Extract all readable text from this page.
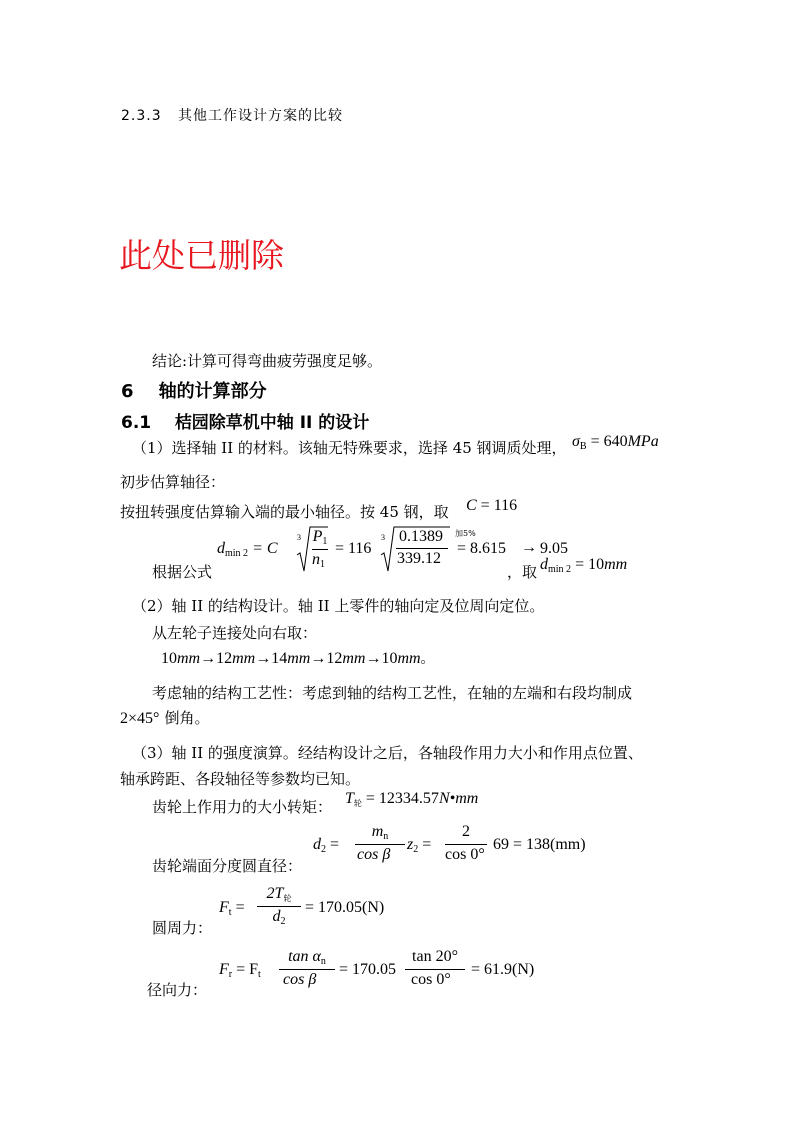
2.3.3 其他工作设计方案的比较
此处已删除
结论:计算可得弯曲疲劳强度足够。
6 轴的计算部分
6.1 桔园除草机中轴 II 的设计
（1）选择轴 II 的材料。该轴无特殊要求，选择 45 钢调质处理， $\sigma_B = 640MPa$
初步估算轴径：
按扭转强度估算输入端的最小轴径。按 45 钢，取 C = 116
根据公式
$d_{min 2} = C$
3 $P_1$
$n_1$
= 116
3 0.1389
339.12
= 8.615
加5%
→ 9.05
，取 $d_{min 2} = 10mm$
（2）轴 II 的结构设计。轴 II 上零件的轴向定及位周向定位。
从左轮子连接处向右取：
10mm→12mm→14mm→12mm→10mm。
考虑轴的结构工艺性：考虑到轴的结构工艺性，在轴的左端和右段均制成
2×45° 倒角。
（3）轴 II 的强度演算。经结构设计之后，各轴段作用力大小和作用点位置、
轴承跨距、各段轴径等参数均已知。
齿轮上作用力的大小转矩： $T_轮$ = 12334.57N•mm
齿轮端面分度圆直径：
$d_2$ =
$m_n$
cos β
$z_2$ =
2
cos 0°
69 = 138(mm)
圆周力：
$F_t$ =
$2T_轮$
$d_2$
= 170.05(N)
径向力：
$F_r = F_t$
$\tan \alpha_n$
cos β
= 170.05
tan 20°
cos 0°
= 61.9(N)
